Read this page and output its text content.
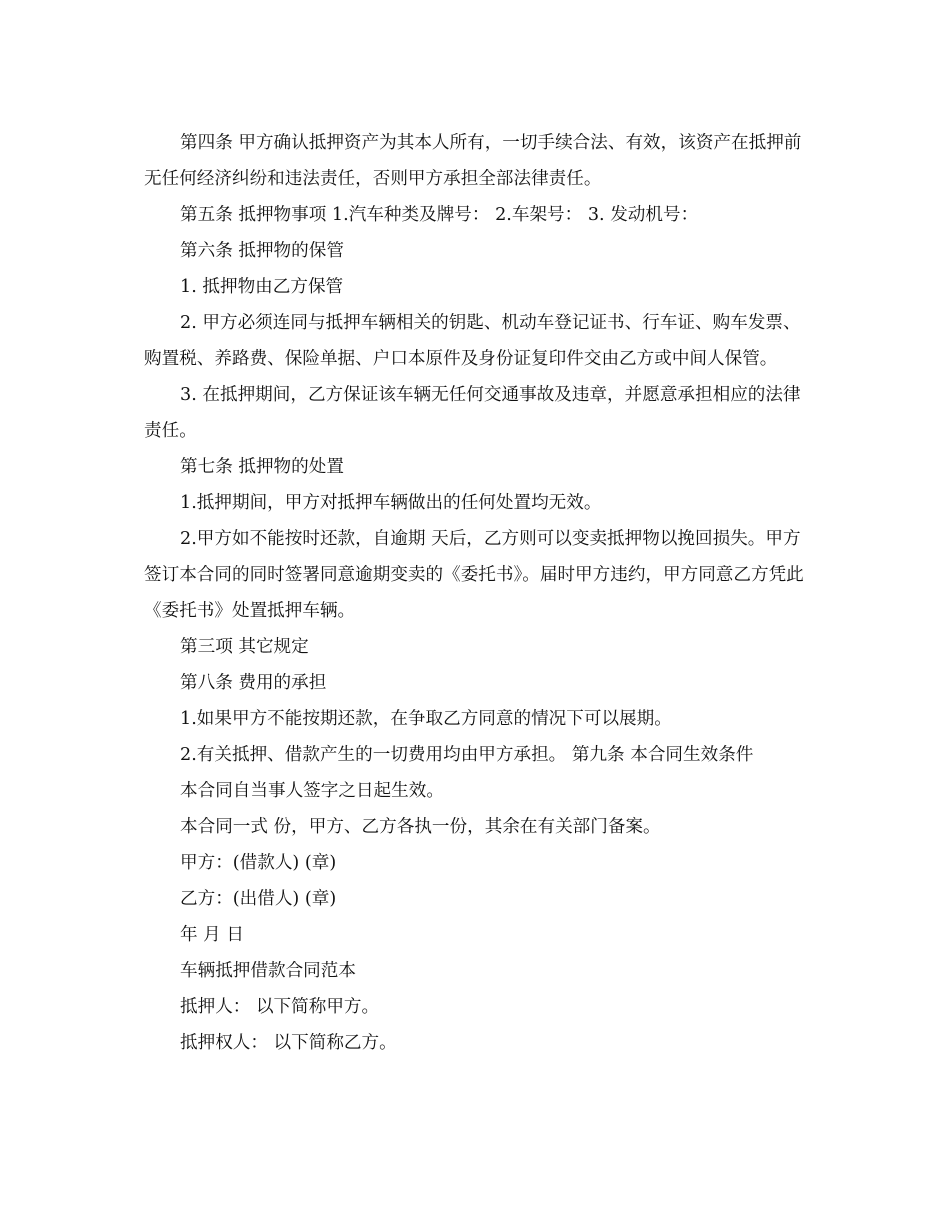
第四条 甲方确认抵押资产为其本人所有，一切手续合法、有效，该资产在抵押前无任何经济纠纷和违法责任，否则甲方承担全部法律责任。

第五条 抵押物事项 1.汽车种类及牌号： 2.车架号： 3. 发动机号：

第六条 抵押物的保管

1. 抵押物由乙方保管

2. 甲方必须连同与抵押车辆相关的钥匙、机动车登记证书、行车证、购车发票、购置税、养路费、保险单据、户口本原件及身份证复印件交由乙方或中间人保管。

3. 在抵押期间，乙方保证该车辆无任何交通事故及违章，并愿意承担相应的法律责任。

第七条 抵押物的处置

1.抵押期间，甲方对抵押车辆做出的任何处置均无效。

2.甲方如不能按时还款，自逾期 天后，乙方则可以变卖抵押物以挽回损失。甲方签订本合同的同时签署同意逾期变卖的《委托书》。届时甲方违约，甲方同意乙方凭此《委托书》处置抵押车辆。

第三项 其它规定

第八条 费用的承担

1.如果甲方不能按期还款，在争取乙方同意的情况下可以展期。

2.有关抵押、借款产生的一切费用均由甲方承担。 第九条 本合同生效条件

本合同自当事人签字之日起生效。

本合同一式 份，甲方、乙方各执一份，其余在有关部门备案。

甲方：(借款人) (章)

乙方：(出借人) (章)

年 月 日

车辆抵押借款合同范本

抵押人： 以下简称甲方。

抵押权人： 以下简称乙方。
